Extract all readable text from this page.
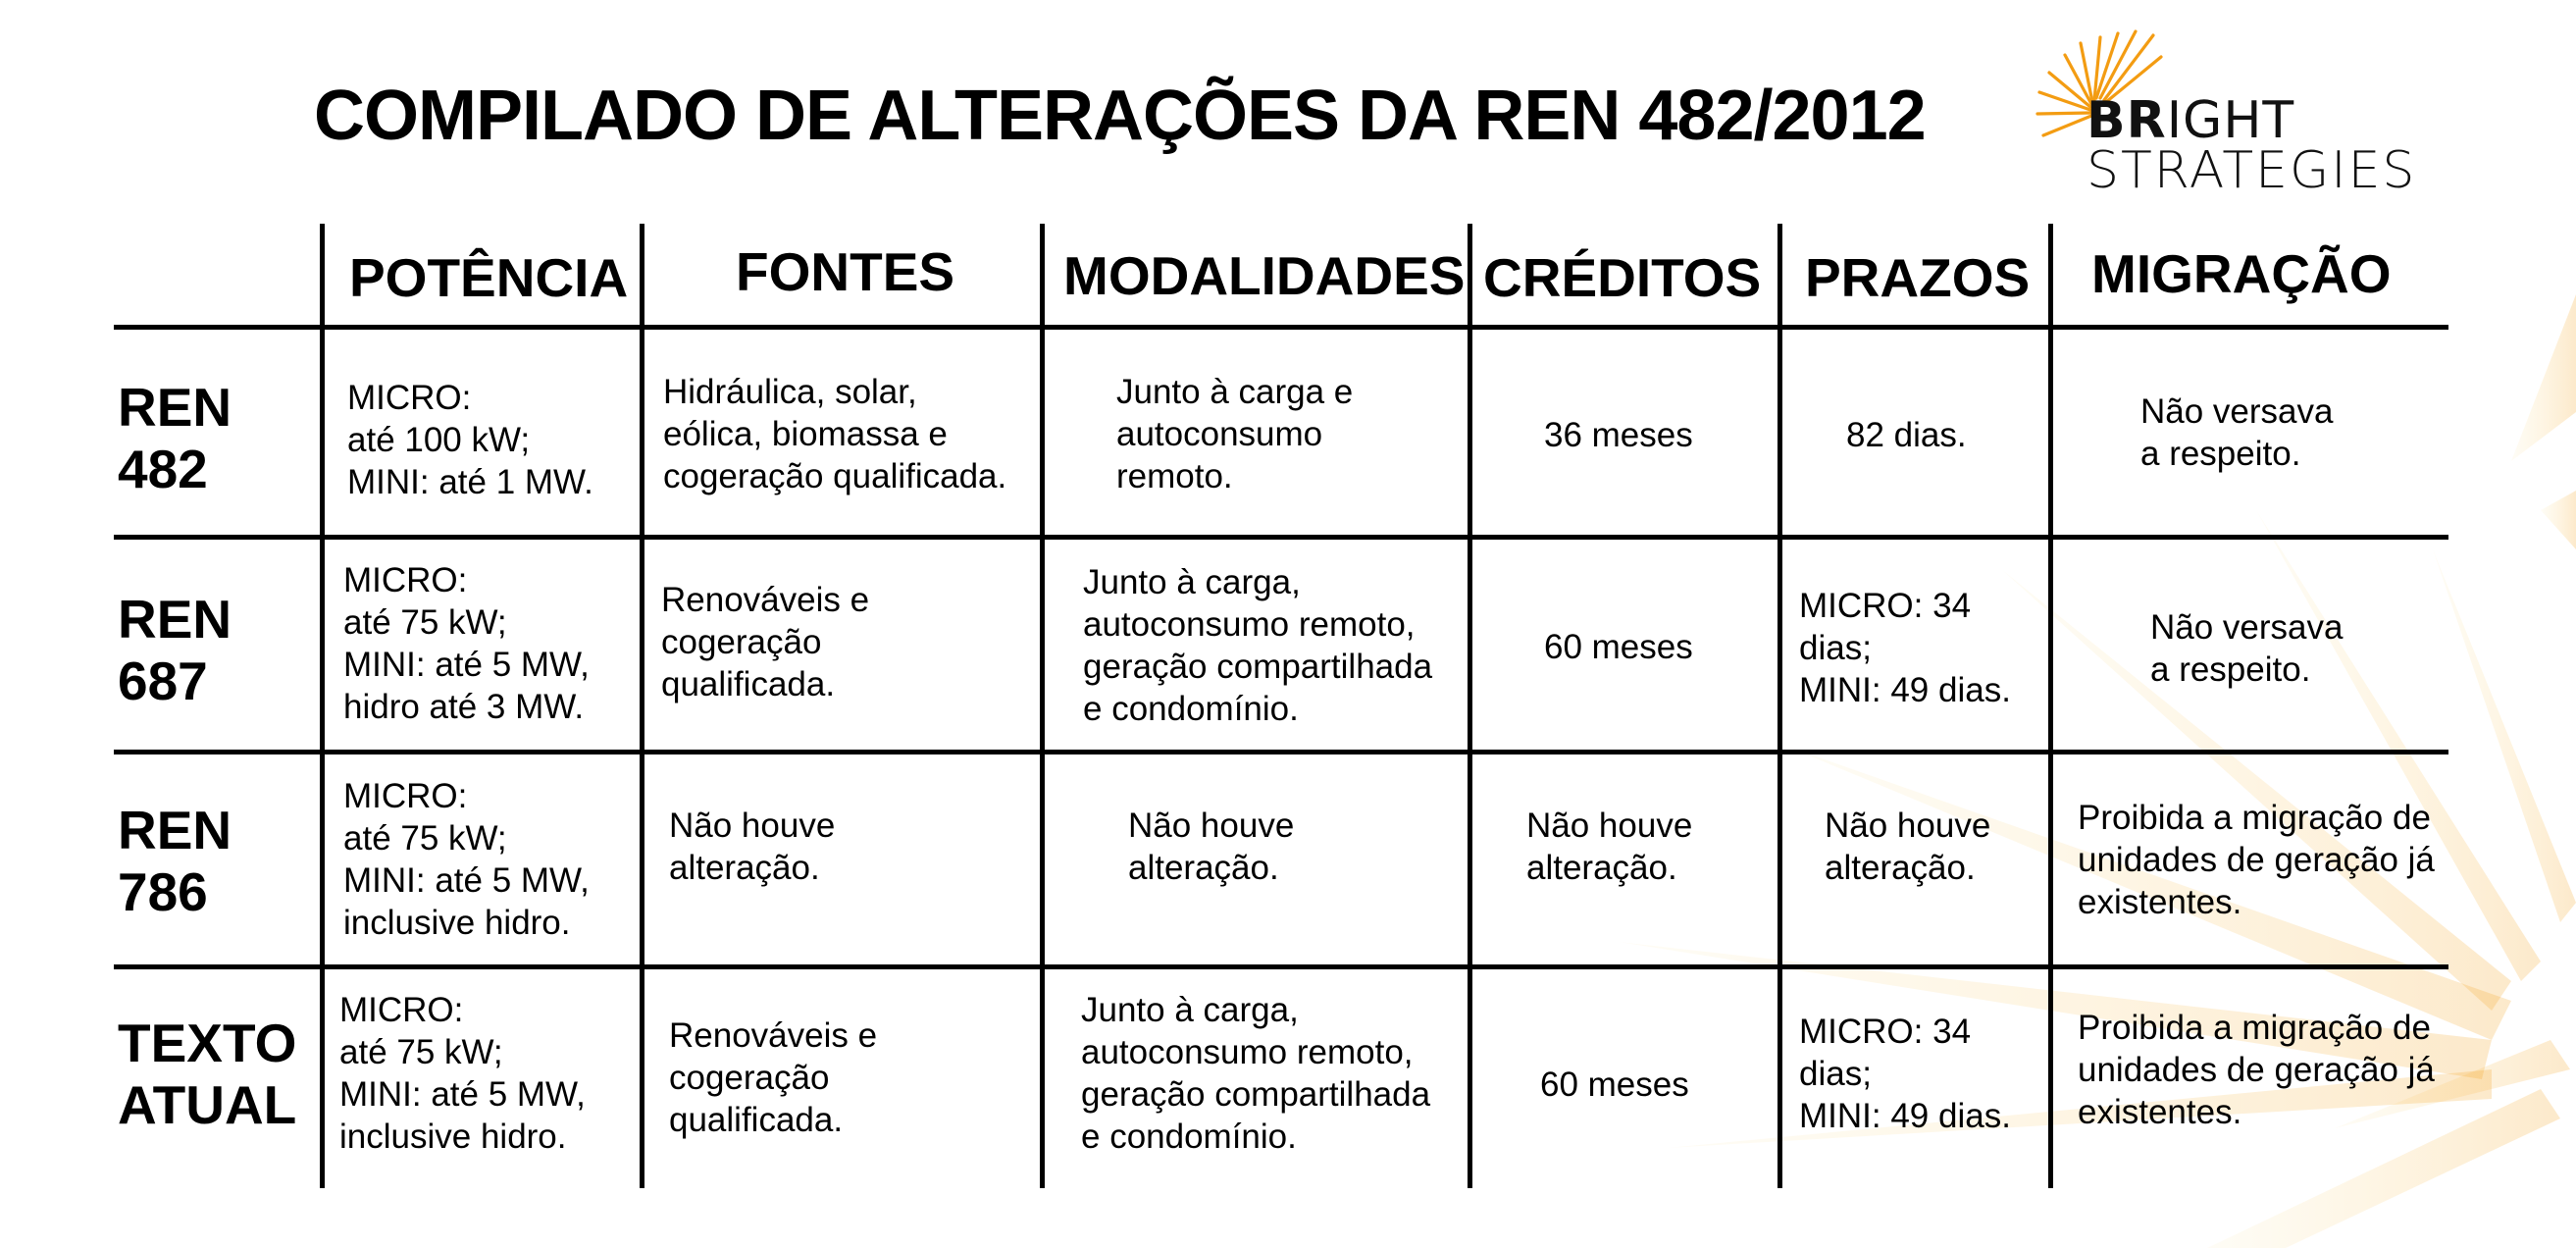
COMPILADO DE ALTERAÇÕES DA REN 482/2012	BRIGHT
STRATEGIES
POTÊNCIA FONTES MODALIDADES CRÉDITOS PRAZOS MIGRAÇÃO
REN
482
MICRO:
até 100 kW;
MINI: até 1 MW.
Hidráulica, solar,
eólica, biomassa e
cogeração qualificada.
Junto à carga e
autoconsumo
remoto.
36 meses	82 dias.
Não versava
a respeito.
REN
687
MICRO:
até 75 kW;
MINI: até 5 MW,
hidro até 3 MW.
Renováveis e
cogeração
qualificada.
Junto à carga,
autoconsumo remoto,
geração compartilhada
e condomínio.
60 meses
MICRO: 34
dias;
MINI: 49 dias.
Não versava
a respeito.
REN
786
MICRO:
até 75 kW;
MINI: até 5 MW,
inclusive hidro.
Não houve
alteração.
Não houve
alteração.
Não houve
alteração.
Não houve
alteração.
Proibida a migração de
unidades de geração já
existentes.
TEXTO
ATUAL
MICRO:
até 75 kW;
MINI: até 5 MW,
inclusive hidro.
Renováveis e
cogeração
qualificada.
Junto à carga,
autoconsumo remoto,
geração compartilhada
e condomínio.
60 meses
MICRO: 34
dias;
MINI: 49 dias.
Proibida a migração de
unidades de geração já
existentes.
